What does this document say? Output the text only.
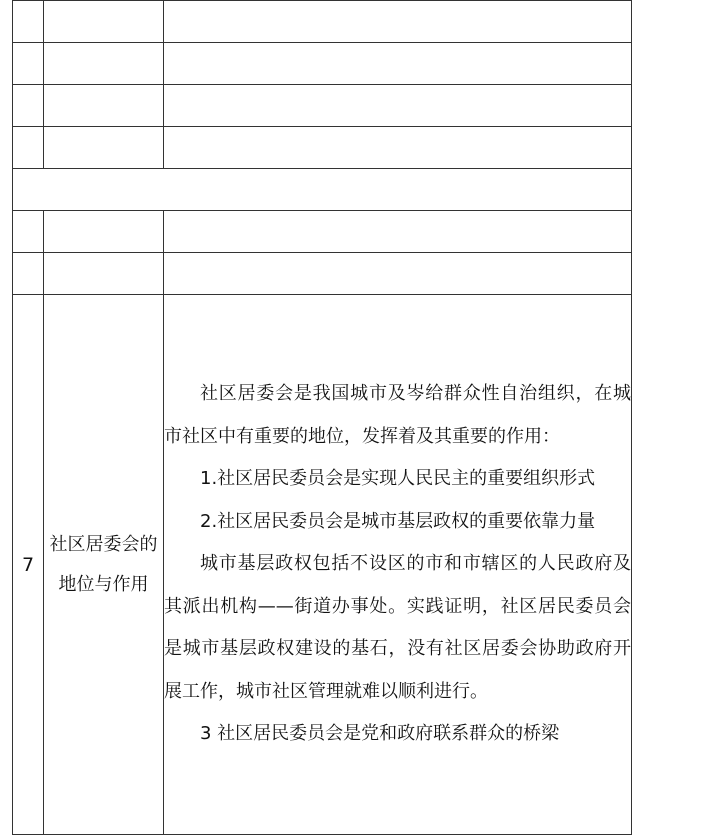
7	社区居委会的地位与作用	社区居委会是我国城市及岑给群众性自治组织，在城市社区中有重要的地位，发挥着及其重要的作用：

1.社区居民委员会是实现人民民主的重要组织形式

2.社区居民委员会是城市基层政权的重要依靠力量

城市基层政权包括不设区的市和市辖区的人民政府及其派出机构——街道办事处。实践证明，社区居民委员会是城市基层政权建设的基石，没有社区居委会协助政府开展工作，城市社区管理就难以顺利进行。

3 社区居民委员会是党和政府联系群众的桥梁
